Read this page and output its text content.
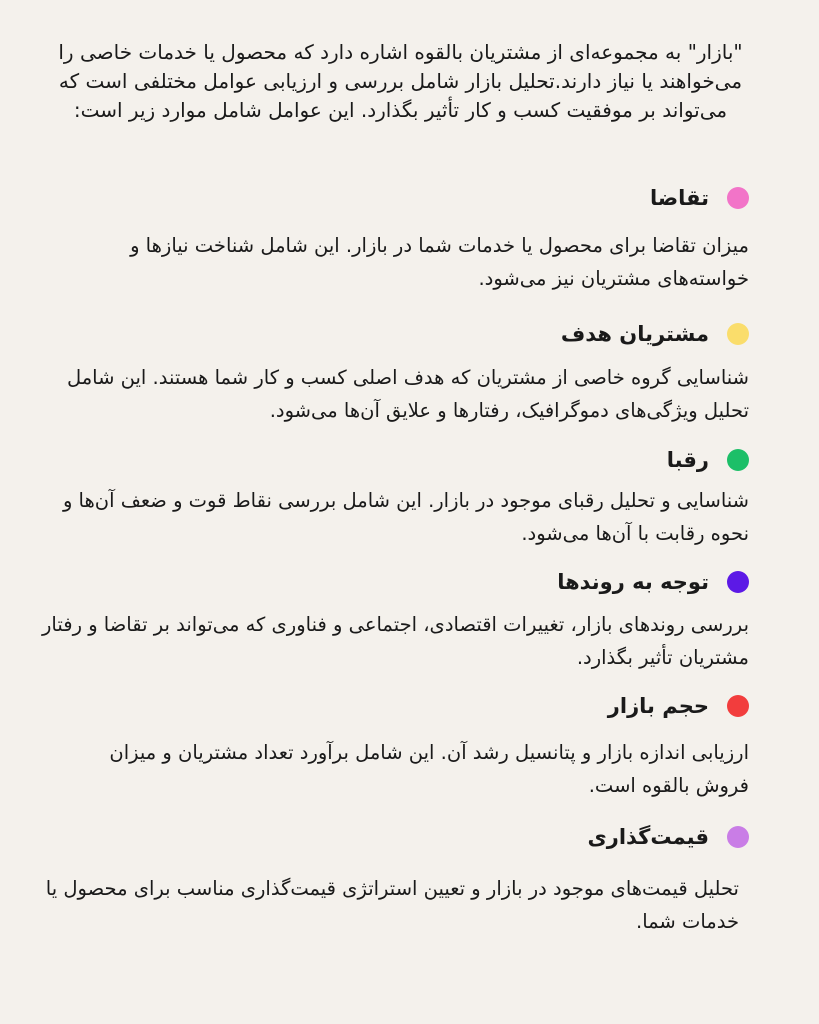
"بازار" به مجموعه‌ای از مشتریان بالقوه اشاره دارد که محصول یا خدمات خاصی را می‌خواهند یا نیاز دارند.تحلیل بازار شامل بررسی و ارزیابی عوامل مختلفی است که می‌تواند بر موفقیت کسب و کار تأثیر بگذارد. این عوامل شامل موارد زیر است:
تقاضا
میزان تقاضا برای محصول یا خدمات شما در بازار. این شامل شناخت نیازها و خواسته‌های مشتریان نیز می‌شود.
مشتریان هدف
شناسایی گروه خاصی از مشتریان که هدف اصلی کسب و کار شما هستند. این شامل تحلیل ویژگی‌های دموگرافیک، رفتارها و علایق آن‌ها می‌شود.
رقبا
شناسایی و تحلیل رقبای موجود در بازار. این شامل بررسی نقاط قوت و ضعف آن‌ها و نحوه رقابت با آن‌ها می‌شود.
توجه به روندها
بررسی روندهای بازار، تغییرات اقتصادی، اجتماعی و فناوری که می‌تواند بر تقاضا و رفتار مشتریان تأثیر بگذارد.
حجم بازار
ارزیابی اندازه بازار و پتانسیل رشد آن. این شامل برآورد تعداد مشتریان و میزان فروش بالقوه است.
قیمت‌گذاری
تحلیل قیمت‌های موجود در بازار و تعیین استراتژی قیمت‌گذاری مناسب برای محصول یا خدمات شما.
